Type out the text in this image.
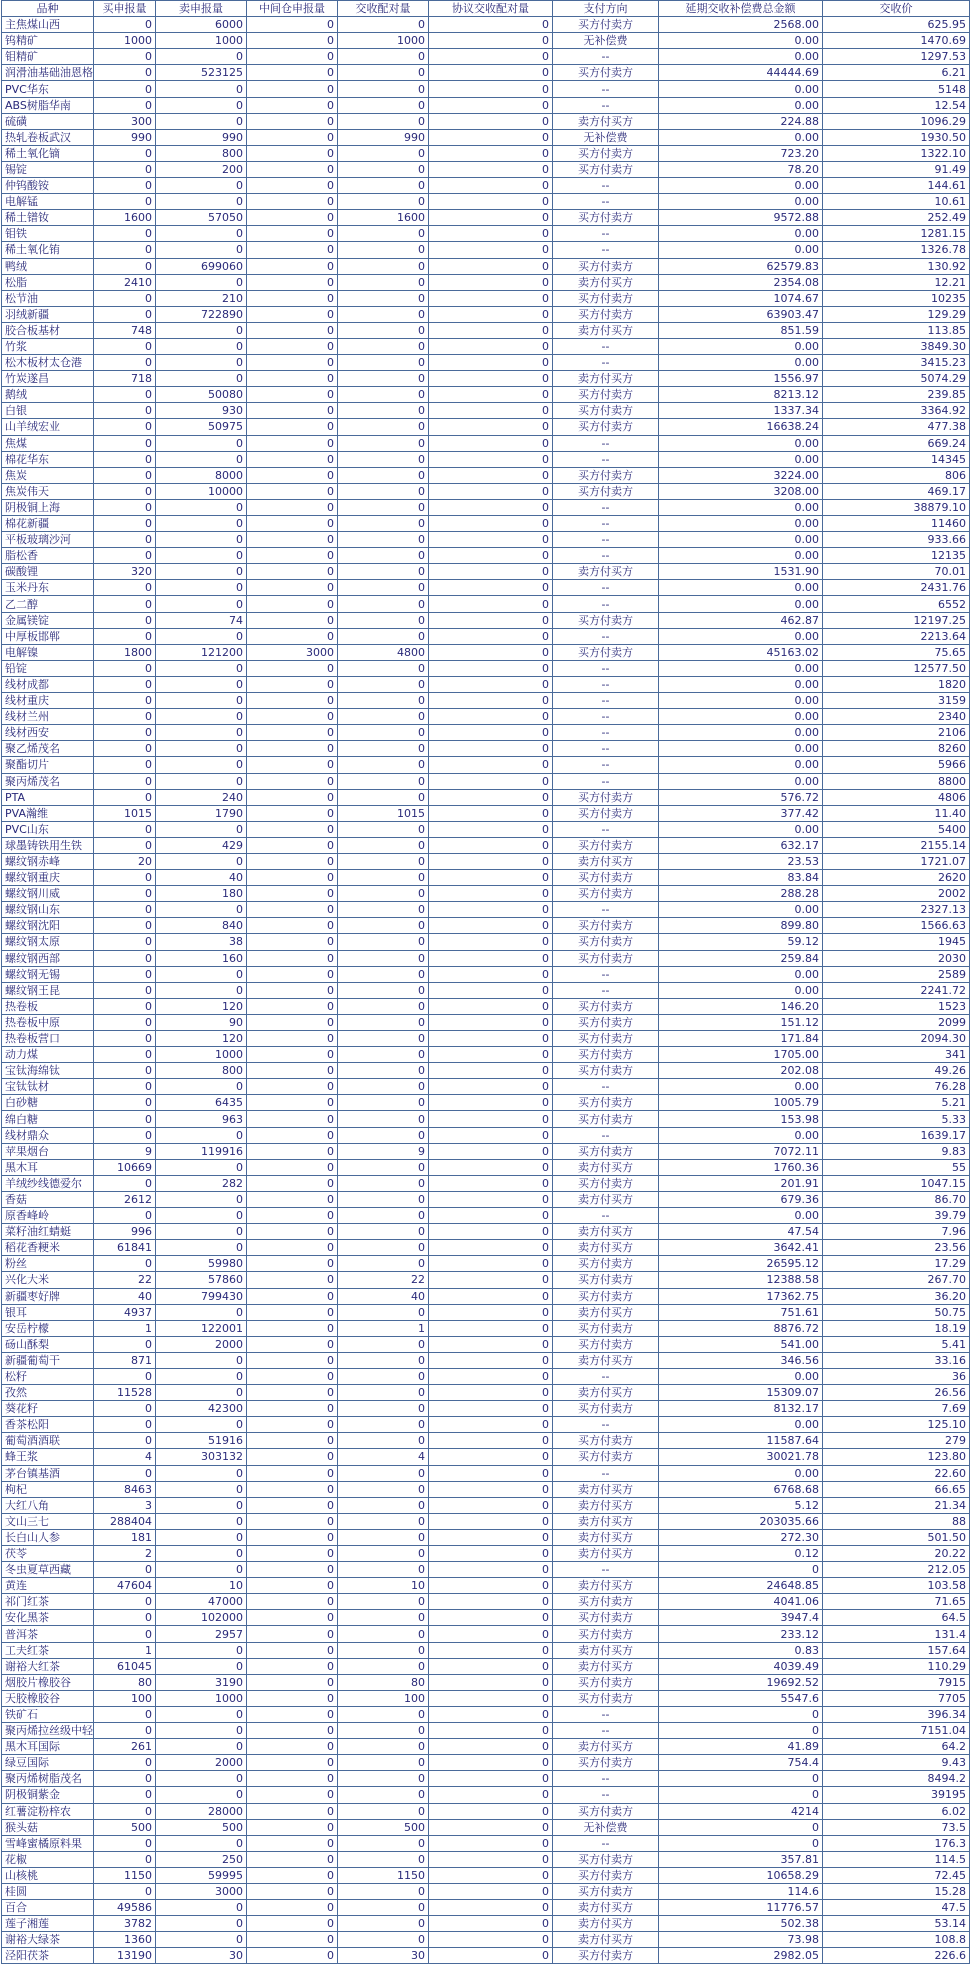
品种	买申报量	卖申报量	中间仓申报量	交收配对量	协议交收配对量	支付方向	延期交收补偿费总金额	交收价
主焦煤山西	0	6000	0	0	0	买方付卖方	2568.00	625.95
钨精矿	1000	1000	0	1000	0	无补偿费	0.00	1470.69
钼精矿	0	0	0	0	0	--	0.00	1297.53
润滑油基础油恩格	0	523125	0	0	0	买方付卖方	44444.69	6.21
PVC华东	0	0	0	0	0	--	0.00	5148
ABS树脂华南	0	0	0	0	0	--	0.00	12.54
硫磺	300	0	0	0	0	卖方付买方	224.88	1096.29
热轧卷板武汉	990	990	0	990	0	无补偿费	0.00	1930.50
稀土氧化镝	0	800	0	0	0	买方付卖方	723.20	1322.10
锡锭	0	200	0	0	0	买方付卖方	78.20	91.49
仲钨酸铵	0	0	0	0	0	--	0.00	144.61
电解锰	0	0	0	0	0	--	0.00	10.61
稀土镨钕	1600	57050	0	1600	0	买方付卖方	9572.88	252.49
钼铁	0	0	0	0	0	--	0.00	1281.15
稀土氧化铕	0	0	0	0	0	--	0.00	1326.78
鸭绒	0	699060	0	0	0	买方付卖方	62579.83	130.92
松脂	2410	0	0	0	0	卖方付买方	2354.08	12.21
松节油	0	210	0	0	0	买方付卖方	1074.67	10235
羽绒新疆	0	722890	0	0	0	买方付卖方	63903.47	129.29
胶合板基材	748	0	0	0	0	卖方付买方	851.59	113.85
竹浆	0	0	0	0	0	--	0.00	3849.30
松木板材太仓港	0	0	0	0	0	--	0.00	3415.23
竹炭遂昌	718	0	0	0	0	卖方付买方	1556.97	5074.29
鹅绒	0	50080	0	0	0	买方付卖方	8213.12	239.85
白银	0	930	0	0	0	买方付卖方	1337.34	3364.92
山羊绒宏业	0	50975	0	0	0	买方付卖方	16638.24	477.38
焦煤	0	0	0	0	0	--	0.00	669.24
棉花华东	0	0	0	0	0	--	0.00	14345
焦炭	0	8000	0	0	0	买方付卖方	3224.00	806
焦炭伟天	0	10000	0	0	0	买方付卖方	3208.00	469.17
阴极铜上海	0	0	0	0	0	--	0.00	38879.10
棉花新疆	0	0	0	0	0	--	0.00	11460
平板玻璃沙河	0	0	0	0	0	--	0.00	933.66
脂松香	0	0	0	0	0	--	0.00	12135
碳酸锂	320	0	0	0	0	卖方付买方	1531.90	70.01
玉米丹东	0	0	0	0	0	--	0.00	2431.76
乙二醇	0	0	0	0	0	--	0.00	6552
金属镁锭	0	74	0	0	0	买方付卖方	462.87	12197.25
中厚板邯郸	0	0	0	0	0	--	0.00	2213.64
电解镍	1800	121200	3000	4800	0	买方付卖方	45163.02	75.65
铅锭	0	0	0	0	0	--	0.00	12577.50
线材成都	0	0	0	0	0	--	0.00	1820
线材重庆	0	0	0	0	0	--	0.00	3159
线材兰州	0	0	0	0	0	--	0.00	2340
线材西安	0	0	0	0	0	--	0.00	2106
聚乙烯茂名	0	0	0	0	0	--	0.00	8260
聚酯切片	0	0	0	0	0	--	0.00	5966
聚丙烯茂名	0	0	0	0	0	--	0.00	8800
PTA	0	240	0	0	0	买方付卖方	576.72	4806
PVA瀚维	1015	1790	0	1015	0	买方付卖方	377.42	11.40
PVC山东	0	0	0	0	0	--	0.00	5400
球墨铸铁用生铁	0	429	0	0	0	买方付卖方	632.17	2155.14
螺纹钢赤峰	20	0	0	0	0	卖方付买方	23.53	1721.07
螺纹钢重庆	0	40	0	0	0	买方付卖方	83.84	2620
螺纹钢川威	0	180	0	0	0	买方付卖方	288.28	2002
螺纹钢山东	0	0	0	0	0	--	0.00	2327.13
螺纹钢沈阳	0	840	0	0	0	买方付卖方	899.80	1566.63
螺纹钢太原	0	38	0	0	0	买方付卖方	59.12	1945
螺纹钢西部	0	160	0	0	0	买方付卖方	259.84	2030
螺纹钢无锡	0	0	0	0	0	--	0.00	2589
螺纹钢王昆	0	0	0	0	0	--	0.00	2241.72
热卷板	0	120	0	0	0	买方付卖方	146.20	1523
热卷板中原	0	90	0	0	0	买方付卖方	151.12	2099
热卷板营口	0	120	0	0	0	买方付卖方	171.84	2094.30
动力煤	0	1000	0	0	0	买方付卖方	1705.00	341
宝钛海绵钛	0	800	0	0	0	买方付卖方	202.08	49.26
宝钛钛材	0	0	0	0	0	--	0.00	76.28
白砂糖	0	6435	0	0	0	买方付卖方	1005.79	5.21
绵白糖	0	963	0	0	0	买方付卖方	153.98	5.33
线材鼎众	0	0	0	0	0	--	0.00	1639.17
苹果烟台	9	119916	0	9	0	买方付卖方	7072.11	9.83
黑木耳	10669	0	0	0	0	卖方付买方	1760.36	55
羊绒纱线德爱尔	0	282	0	0	0	买方付卖方	201.91	1047.15
香菇	2612	0	0	0	0	卖方付买方	679.36	86.70
原香峰岭	0	0	0	0	0	--	0.00	39.79
菜籽油红蜻蜓	996	0	0	0	0	卖方付买方	47.54	7.96
稻花香粳米	61841	0	0	0	0	卖方付买方	3642.41	23.56
粉丝	0	59980	0	0	0	买方付卖方	26595.12	17.29
兴化大米	22	57860	0	22	0	买方付卖方	12388.58	267.70
新疆枣好牌	40	799430	0	40	0	买方付卖方	17362.75	36.20
银耳	4937	0	0	0	0	卖方付买方	751.61	50.75
安岳柠檬	1	122001	0	1	0	买方付卖方	8876.72	18.19
砀山酥梨	0	2000	0	0	0	买方付卖方	541.00	5.41
新疆葡萄干	871	0	0	0	0	卖方付买方	346.56	33.16
松籽	0	0	0	0	0	--	0.00	36
孜然	11528	0	0	0	0	卖方付买方	15309.07	26.56
葵花籽	0	42300	0	0	0	买方付卖方	8132.17	7.69
香茶松阳	0	0	0	0	0	--	0.00	125.10
葡萄酒酒联	0	51916	0	0	0	买方付卖方	11587.64	279
蜂王浆	4	303132	0	4	0	买方付卖方	30021.78	123.80
茅台镇基酒	0	0	0	0	0	--	0.00	22.60
枸杞	8463	0	0	0	0	卖方付买方	6768.68	66.65
大红八角	3	0	0	0	0	卖方付买方	5.12	21.34
文山三七	288404	0	0	0	0	卖方付买方	203035.66	88
长白山人参	181	0	0	0	0	卖方付买方	272.30	501.50
茯苓	2	0	0	0	0	卖方付买方	0.12	20.22
冬虫夏草西藏	0	0	0	0	0	--	0	212.05
黄连	47604	10	0	10	0	卖方付买方	24648.85	103.58
祁门红茶	0	47000	0	0	0	买方付卖方	4041.06	71.65
安化黑茶	0	102000	0	0	0	买方付卖方	3947.4	64.5
普洱茶	0	2957	0	0	0	买方付卖方	233.12	131.4
工夫红茶	1	0	0	0	0	卖方付买方	0.83	157.64
谢裕大红茶	61045	0	0	0	0	卖方付买方	4039.49	110.29
烟胶片橡胶谷	80	3190	0	80	0	买方付卖方	19692.52	7915
天胶橡胶谷	100	1000	0	100	0	买方付卖方	5547.6	7705
铁矿石	0	0	0	0	0	--	0	396.34
聚丙烯拉丝级中轻	0	0	0	0	0	--	0	7151.04
黑木耳国际	261	0	0	0	0	卖方付买方	41.89	64.2
绿豆国际	0	2000	0	0	0	买方付卖方	754.4	9.43
聚丙烯树脂茂名	0	0	0	0	0	--	0	8494.2
阴极铜紫金	0	0	0	0	0	--	0	39195
红薯淀粉梓农	0	28000	0	0	0	买方付卖方	4214	6.02
猴头菇	500	500	0	500	0	无补偿费	0	73.5
雪峰蜜橘原料果	0	0	0	0	0	--	0	176.3
花椒	0	250	0	0	0	买方付卖方	357.81	114.5
山核桃	1150	59995	0	1150	0	买方付卖方	10658.29	72.45
桂圆	0	3000	0	0	0	买方付卖方	114.6	15.28
百合	49586	0	0	0	0	卖方付买方	11776.57	47.5
莲子湘莲	3782	0	0	0	0	卖方付买方	502.38	53.14
谢裕大绿茶	1360	0	0	0	0	卖方付买方	73.98	108.8
泾阳茯茶	13190	30	0	30	0	买方付卖方	2982.05	226.6
